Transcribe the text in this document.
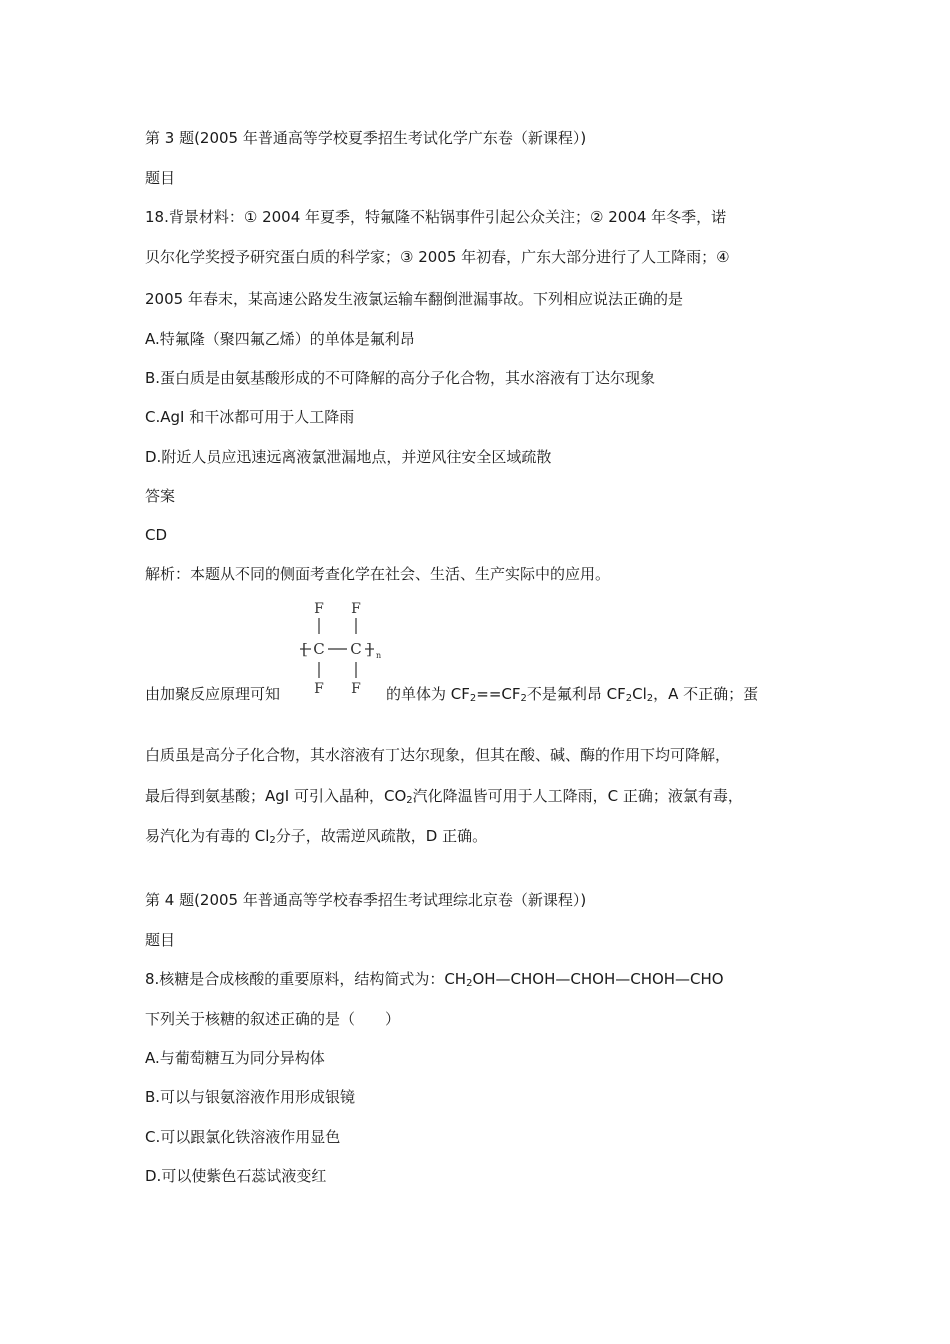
第 3 题(2005 年普通高等学校夏季招生考试化学广东卷（新课程）)
题目
18.背景材料：① 2004 年夏季，特氟隆不粘锅事件引起公众关注；② 2004 年冬季，诺
贝尔化学奖授予研究蛋白质的科学家；③ 2005 年初春，广东大部分进行了人工降雨；④
2005 年春末，某高速公路发生液氯运输车翻倒泄漏事故。下列相应说法正确的是
A.特氟隆（聚四氟乙烯）的单体是氟利昂
B.蛋白质是由氨基酸形成的不可降解的高分子化合物，其水溶液有丁达尔现象
C.AgI 和干冰都可用于人工降雨
D.附近人员应迅速远离液氯泄漏地点，并逆风往安全区域疏散
答案
CD
解析：本题从不同的侧面考查化学在社会、生活、生产实际中的应用。
F F
[ C C ] n
F F
由加聚反应原理可知	的单体为 $CF_2==CF_2$不是氟利昂 $CF_2Cl_2$，A 不正确；蛋
白质虽是高分子化合物，其水溶液有丁达尔现象，但其在酸、碱、酶的作用下均可降解，
最后得到氨基酸；AgI 可引入晶种，$CO_2$汽化降温皆可用于人工降雨，C 正确；液氯有毒，
易汽化为有毒的 $Cl_2$分子，故需逆风疏散，D 正确。
第 4 题(2005 年普通高等学校春季招生考试理综北京卷（新课程）)
题目
8.核糖是合成核酸的重要原料，结构简式为：$CH_2OH—CHOH—CHOH—CHOH—CHO$
下列关于核糖的叙述正确的是（　　）
A.与葡萄糖互为同分异构体
B.可以与银氨溶液作用形成银镜
C.可以跟氯化铁溶液作用显色
D.可以使紫色石蕊试液变红
